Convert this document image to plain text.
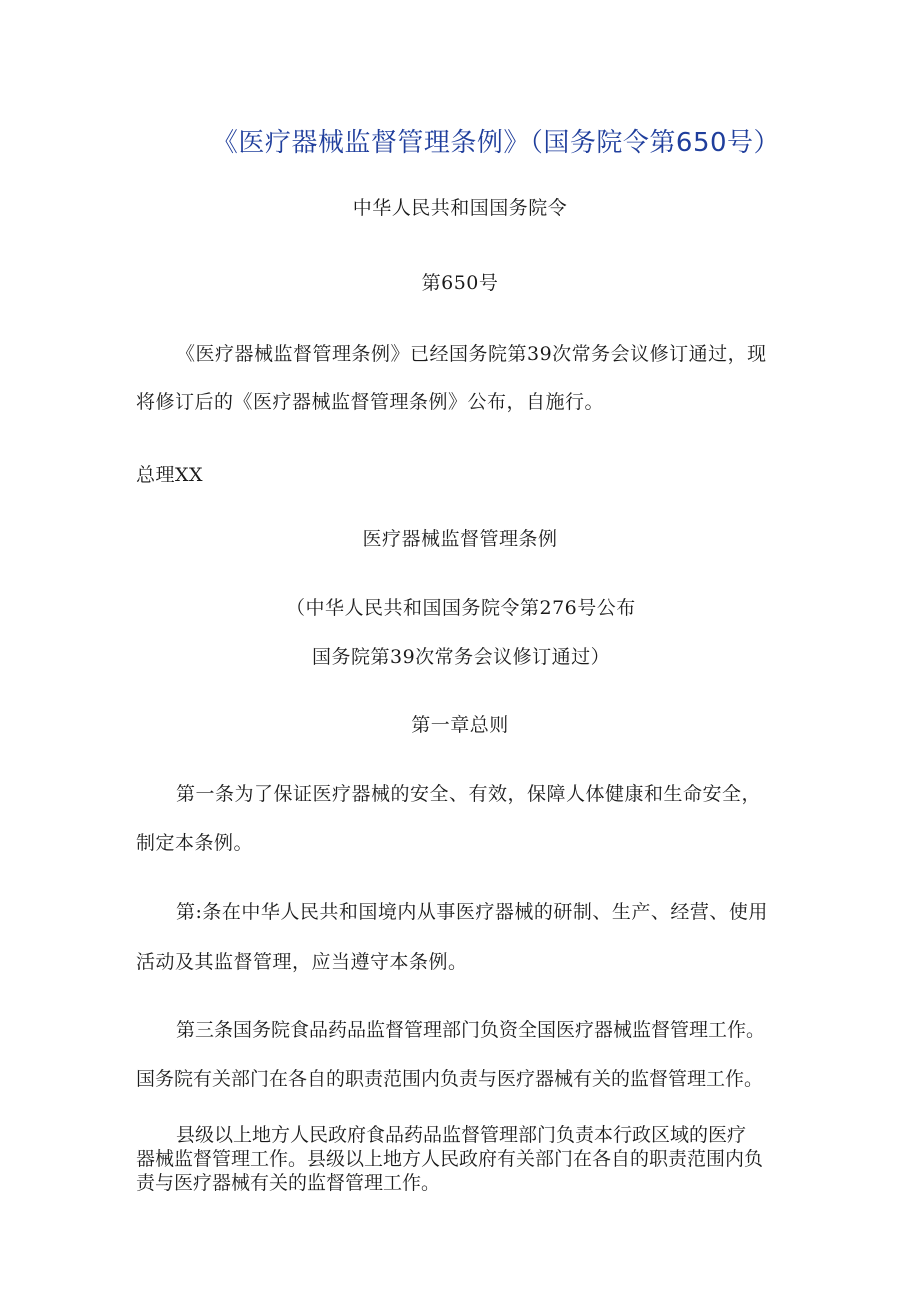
《医疗器械监督管理条例》（国务院令第650号）
中华人民共和国国务院令
第650号
《医疗器械监督管理条例》已经国务院第39次常务会议修订通过，现
将修订后的《医疗器械监督管理条例》公布，自施行。
总理XX
医疗器械监督管理条例
（中华人民共和国国务院令第276号公布
国务院第39次常务会议修订通过）
第一章总则
第一条为了保证医疗器械的安全、有效，保障人体健康和生命安全，
制定本条例。
第:条在中华人民共和国境内从事医疗器械的研制、生产、经营、使用
活动及其监督管理，应当遵守本条例。
第三条国务院食品药品监督管理部门负资全国医疗器械监督管理工作。
国务院有关部门在各自的职责范围内负责与医疗器械有关的监督管理工作。
县级以上地方人民政府食品药品监督管理部门负责本行政区域的医疗
器械监督管理工作。县级以上地方人民政府有关部门在各自的职责范围内负
责与医疗器械有关的监督管理工作。
